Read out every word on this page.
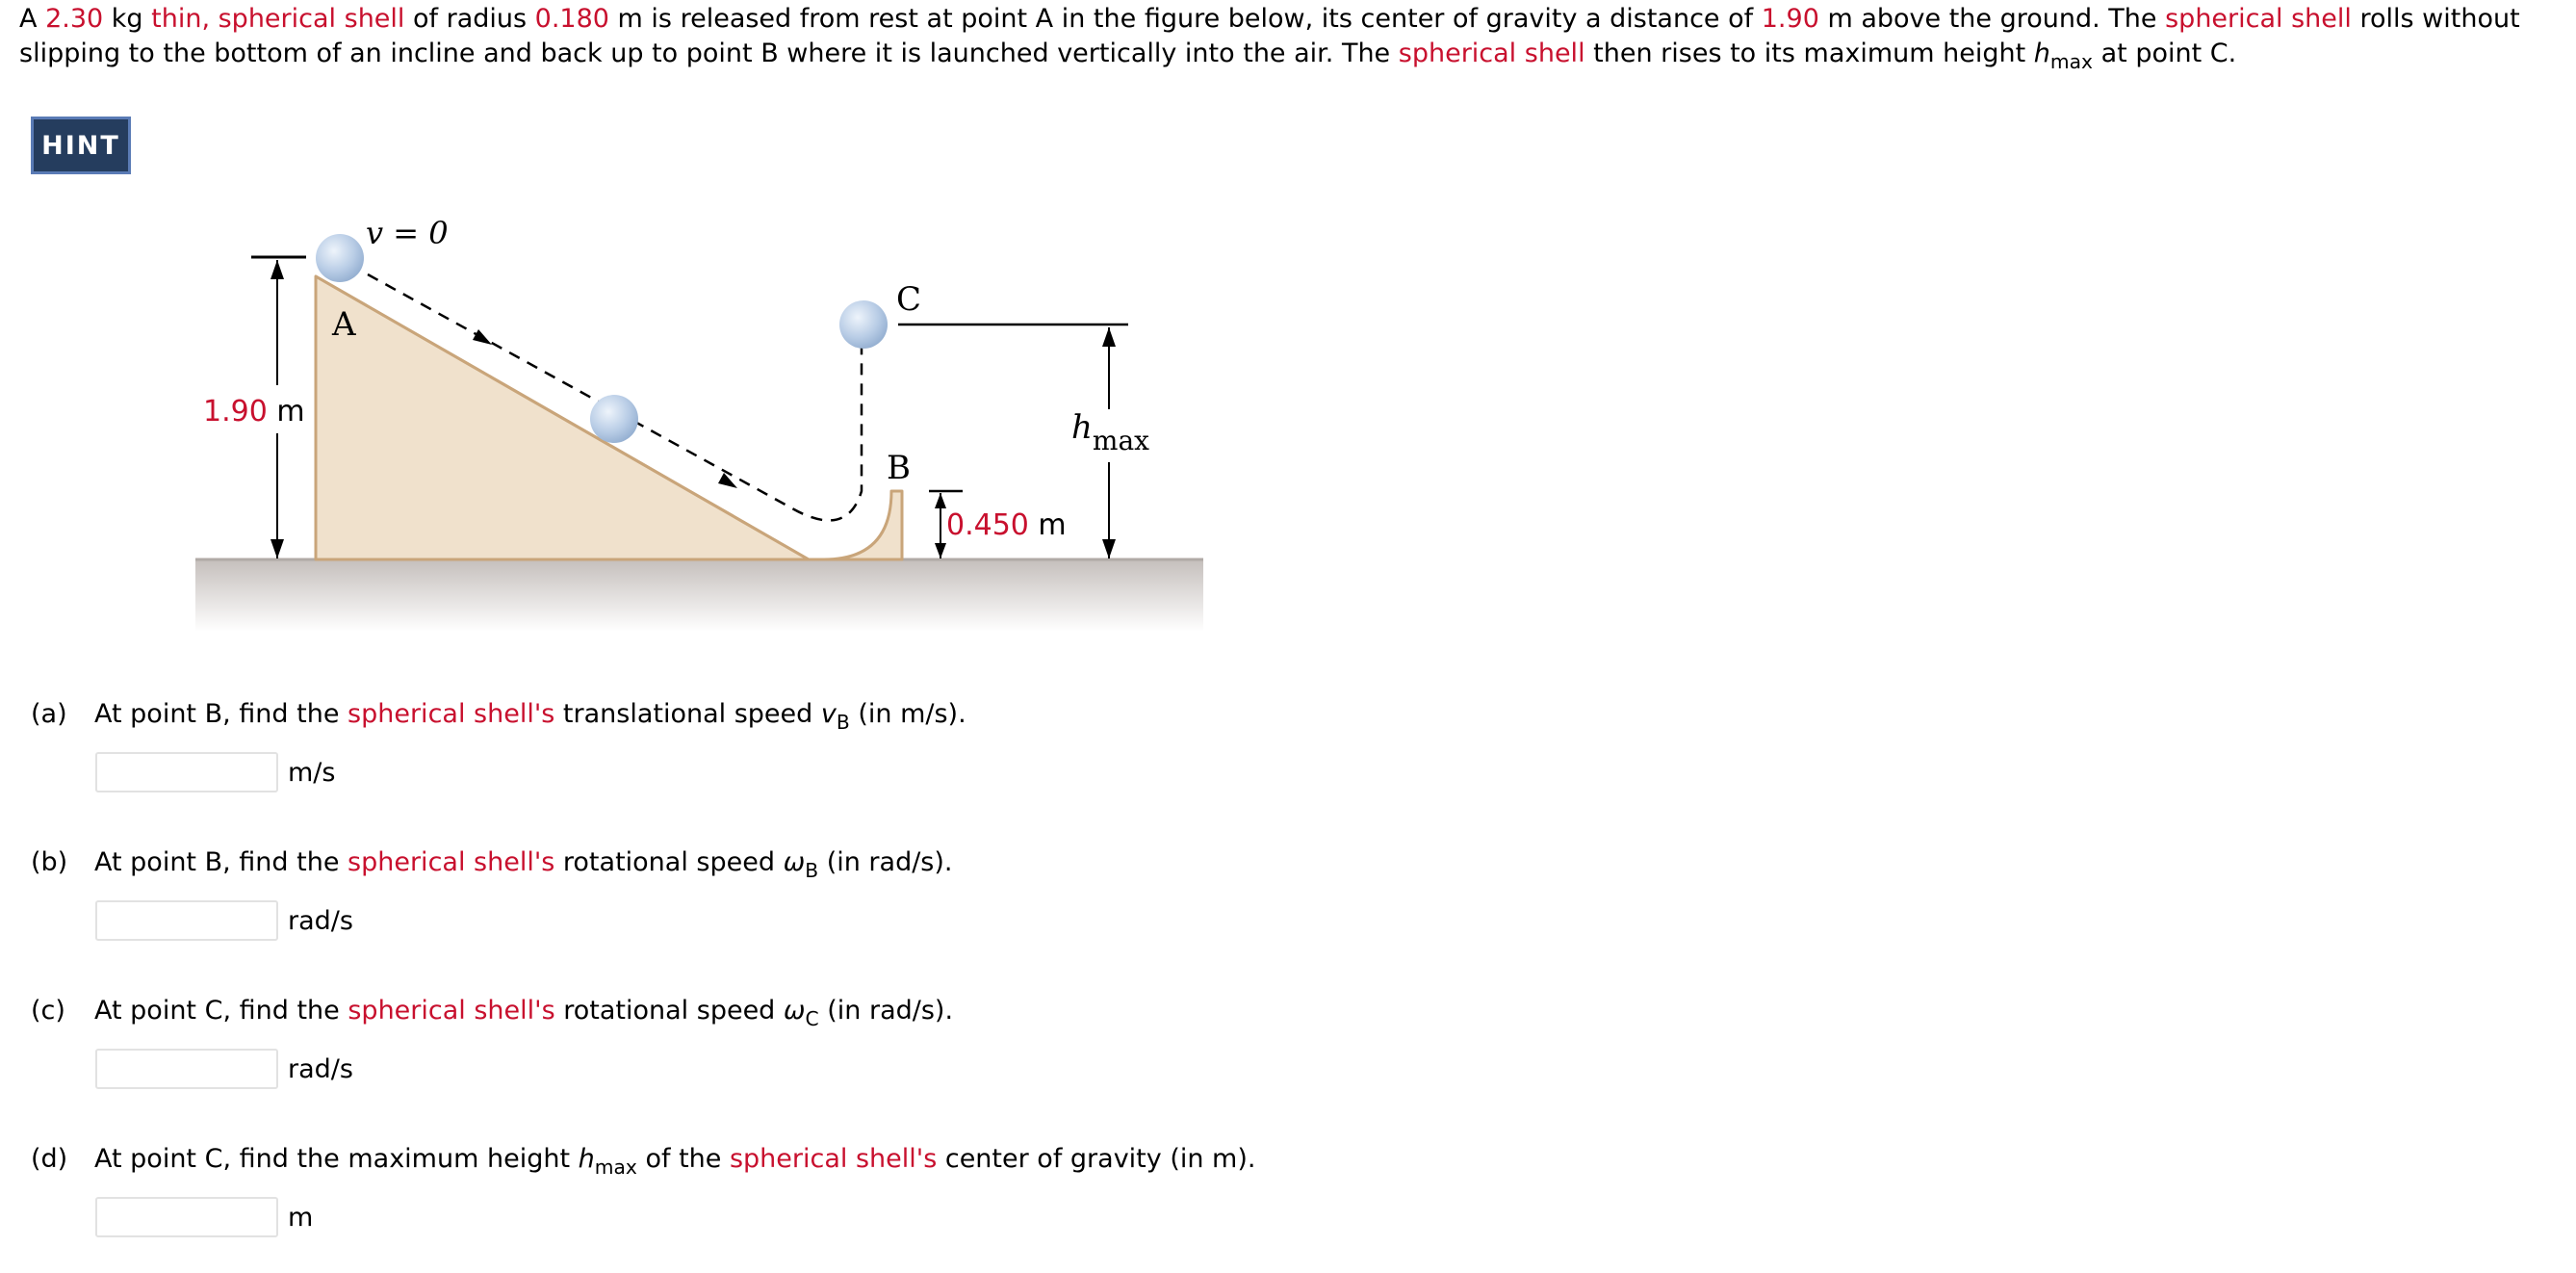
A 2.30 kg thin, spherical shell of radius 0.180 m is released from rest at point A in the figure below, its center of gravity a distance of 1.90 m above the ground. The spherical shell rolls without slipping to the bottom of an incline and back up to point B where it is launched vertically into the air. The spherical shell then rises to its maximum height $h_{max}$ at point C.
HINT
v = 0
A
B
C
1.90 m
0.450 m
$h_{max}$
(a) At point B, find the spherical shell's translational speed $v_B$ (in m/s).
m/s
(b) At point B, find the spherical shell's rotational speed $\omega_B$ (in rad/s).
rad/s
(c) At point C, find the spherical shell's rotational speed $\omega_C$ (in rad/s).
rad/s
(d) At point C, find the maximum height $h_{max}$ of the spherical shell's center of gravity (in m).
m
